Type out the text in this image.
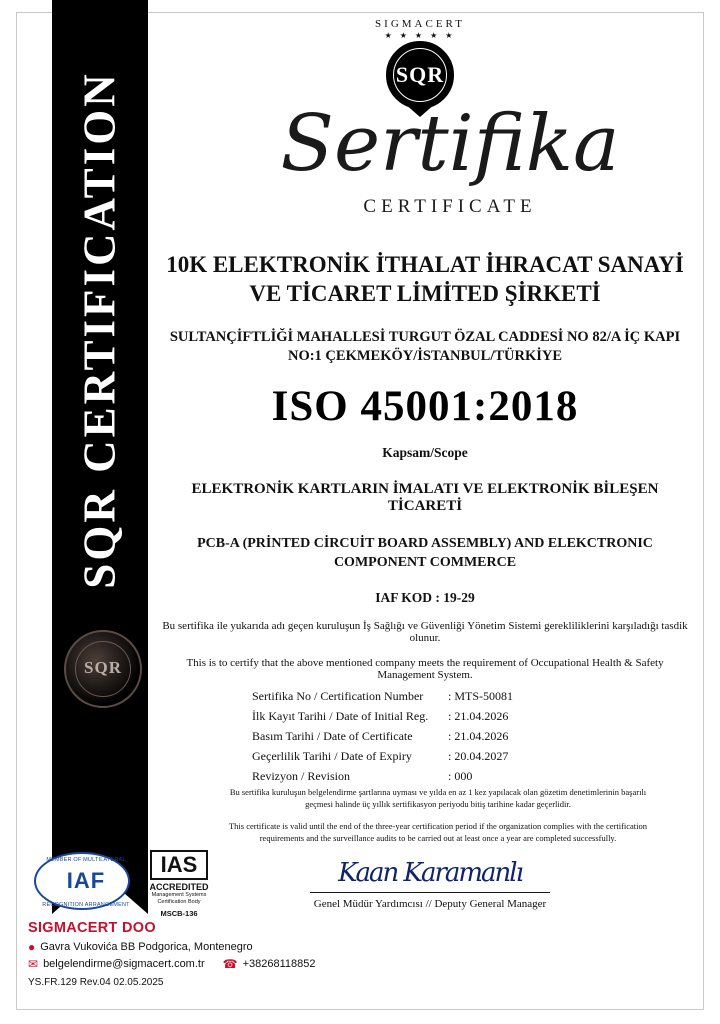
SQR CERTIFICATION
SQR
SIGMACERT
★ ★ ★ ★ ★
SQR
Sertifika
CERTIFICATE
10K ELEKTRONİK İTHALAT İHRACAT SANAYİ VE TİCARET LİMİTED ŞİRKETİ
SULTANÇİFTLİĞİ MAHALLESİ TURGUT ÖZAL CADDESİ NO 82/A İÇ KAPI NO:1 ÇEKMEKÖY/İSTANBUL/TÜRKİYE
ISO 45001:2018
Kapsam/Scope
ELEKTRONİK KARTLARIN İMALATI VE ELEKTRONİK BİLEŞEN TİCARETİ
PCB-A (PRİNTED CİRCUİT BOARD ASSEMBLY) AND ELEKCTRONIC COMPONENT COMMERCE
IAF KOD : 19-29
Bu sertifika ile yukarıda adı geçen kuruluşun İş Sağlığı ve Güvenliği Yönetim Sistemi gerekliliklerini karşıladığı tasdik olunur.
This is to certify that the above mentioned company meets the requirement of Occupational Health & Safety Management System.
Sertifika No / Certification Number	: MTS-50081
İlk Kayıt Tarihi / Date of Initial Reg.	: 21.04.2026
Basım Tarihi / Date of Certificate	: 21.04.2026
Geçerlilik Tarihi / Date of Expiry	: 20.04.2027
Revizyon / Revision	: 000
Bu sertifika kuruluşun belgelendirme şartlarına uyması ve yılda en az 1 kez yapılacak olan gözetim denetimlerinin başarılı geçmesi halinde üç yıllık sertifikasyon periyodu bitiş tarihine kadar geçerlidir.
This certificate is valid until the end of the three-year certification period if the organization complies with the certification requirements and the surveillance audits to be carried out at least once a year are completed successfully.
Kaan Karamanlı
Genel Müdür Yardımcısı // Deputy General Manager
MEMBER OF MULTILATERAL
IAF
RECOGNITION ARRANGEMENT
IAS
ACCREDITED
Management Systems
Certification Body
MSCB-136
SIGMACERT DOO
● Gavra Vukovića BB Podgorica, Montenegro
✉ belgelendirme@sigmacert.com.tr ☎ +38268118852
YS.FR.129 Rev.04 02.05.2025
